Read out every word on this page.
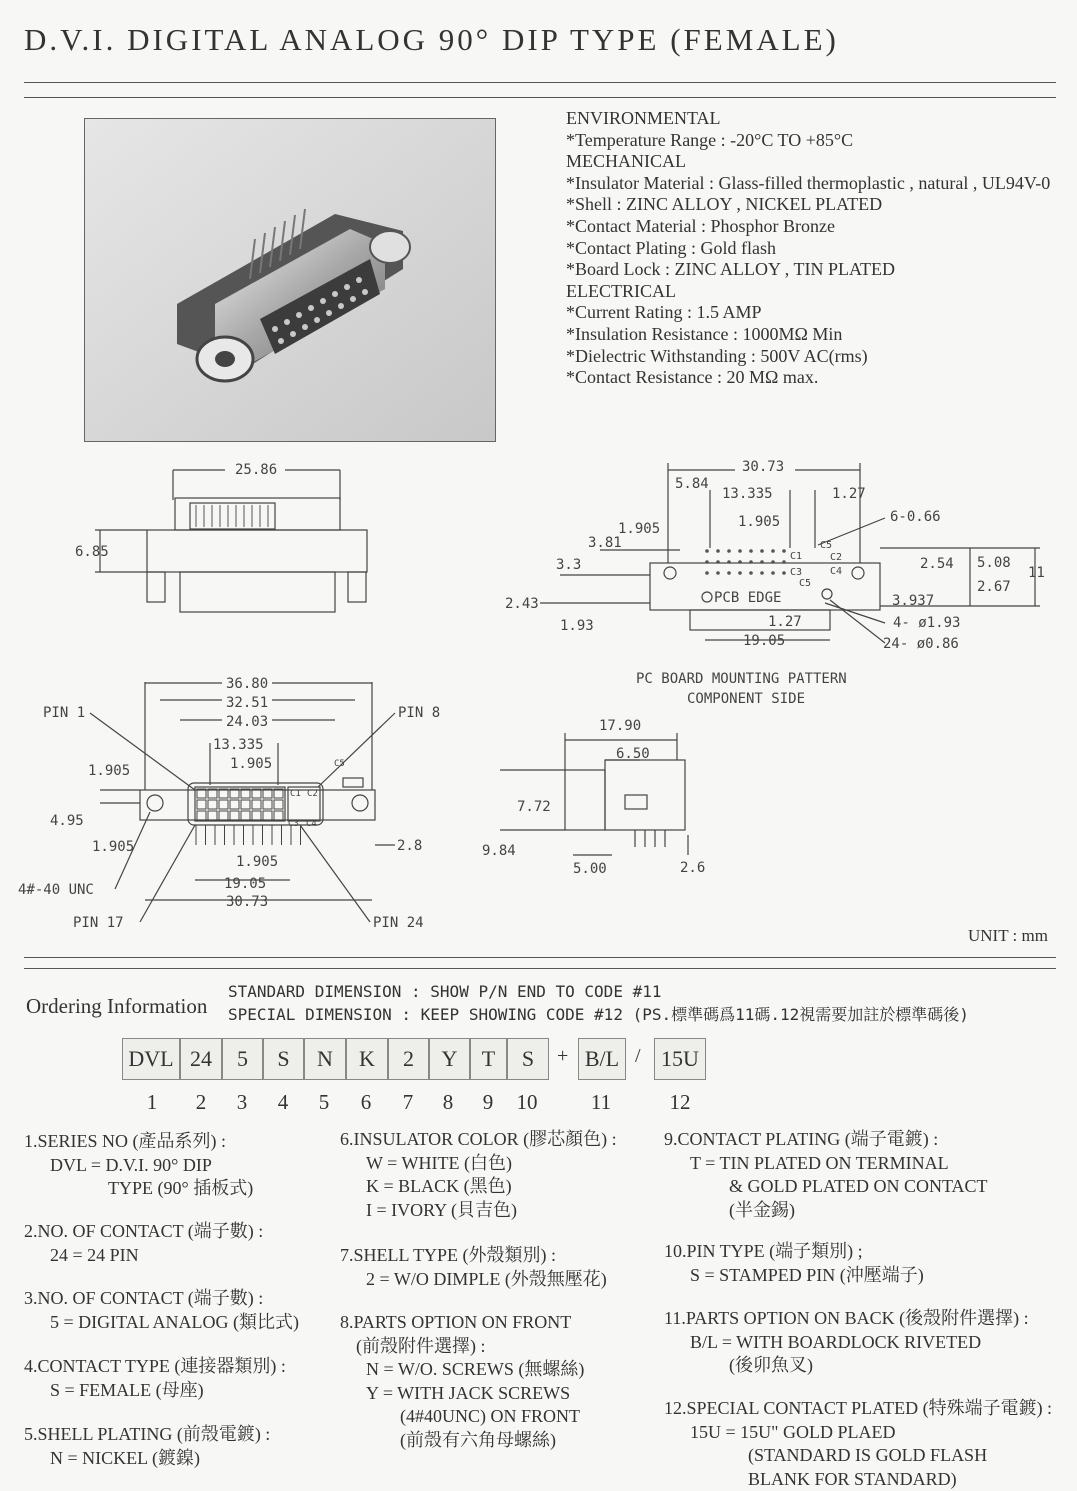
D.V.I. DIGITAL ANALOG 90° DIP TYPE (FEMALE)
ENVIRONMENTAL
*Temperature Range : -20°C TO +85°C
MECHANICAL
*Insulator Material : Glass-filled thermoplastic , natural , UL94V-0
*Shell : ZINC ALLOY , NICKEL PLATED
*Contact Material : Phosphor Bronze
*Contact Plating : Gold flash
*Board Lock : ZINC ALLOY , TIN PLATED
ELECTRICAL
*Current Rating : 1.5 AMP
*Insulation Resistance : 1000MΩ Min
*Dielectric Withstanding : 500V AC(rms)
*Contact Resistance : 20 MΩ max.
25.86
6.85
30.73
5.84
13.335	1.27
1.905
1.905
3.81
3.3
2.43
1.93
6-0.66
2.54 5.08
11
2.67
3.937
1.27	4- ø1.93
19.05	24- ø0.86
PCB EDGE
C1	C2
C3	C4
C5
C5
PC BOARD MOUNTING PATTERN
COMPONENT SIDE
36.80
32.51
24.03
13.335
1.905
1.905
4.95
1.905
1.905
2.8
19.05
30.73
PIN 1	PIN 8
PIN 17	PIN 24
4#-40 UNC
C1 C2
C3 C4
C5
17.90
6.50
7.72
9.84
5.00	2.6
UNIT : mm
Ordering Information
STANDARD DIMENSION : SHOW P/N END TO CODE #11
SPECIAL DIMENSION : KEEP SHOWING CODE #12 (PS.標準碼爲11碼.12視需要加註於標準碼後)
DVL 24	5	S	N	K	2	Y	T	S	+ B/L / 15U
1	2	3	4	5	6	7	8	9	10	11	12
1.SERIES NO (產品系列) :
DVL = D.V.I. 90° DIP
TYPE (90° 插板式)
2.NO. OF CONTACT (端子數) :
24 = 24 PIN
3.NO. OF CONTACT (端子數) :
5 = DIGITAL ANALOG (類比式)
4.CONTACT TYPE (連接器類別) :
S = FEMALE (母座)
5.SHELL PLATING (前殼電鍍) :
N = NICKEL (鍍鎳)
6.INSULATOR COLOR (膠芯顏色) :
W = WHITE (白色)
K = BLACK (黑色)
I = IVORY (貝吉色)
7.SHELL TYPE (外殼類別) :
2 = W/O DIMPLE (外殼無壓花)
8.PARTS OPTION ON FRONT
(前殼附件選擇) :
N = W/O. SCREWS (無螺絲)
Y = WITH JACK SCREWS
(4#40UNC) ON FRONT
(前殼有六角母螺絲)
9.CONTACT PLATING (端子電鍍) :
T = TIN PLATED ON TERMINAL
& GOLD PLATED ON CONTACT
(半金錫)
10.PIN TYPE (端子類別) ;
S = STAMPED PIN (沖壓端子)
11.PARTS OPTION ON BACK (後殼附件選擇) :
B/L = WITH BOARDLOCK RIVETED
(後卯魚叉)
12.SPECIAL CONTACT PLATED (特殊端子電鍍) :
15U = 15U" GOLD PLAED
(STANDARD IS GOLD FLASH
BLANK FOR STANDARD)
